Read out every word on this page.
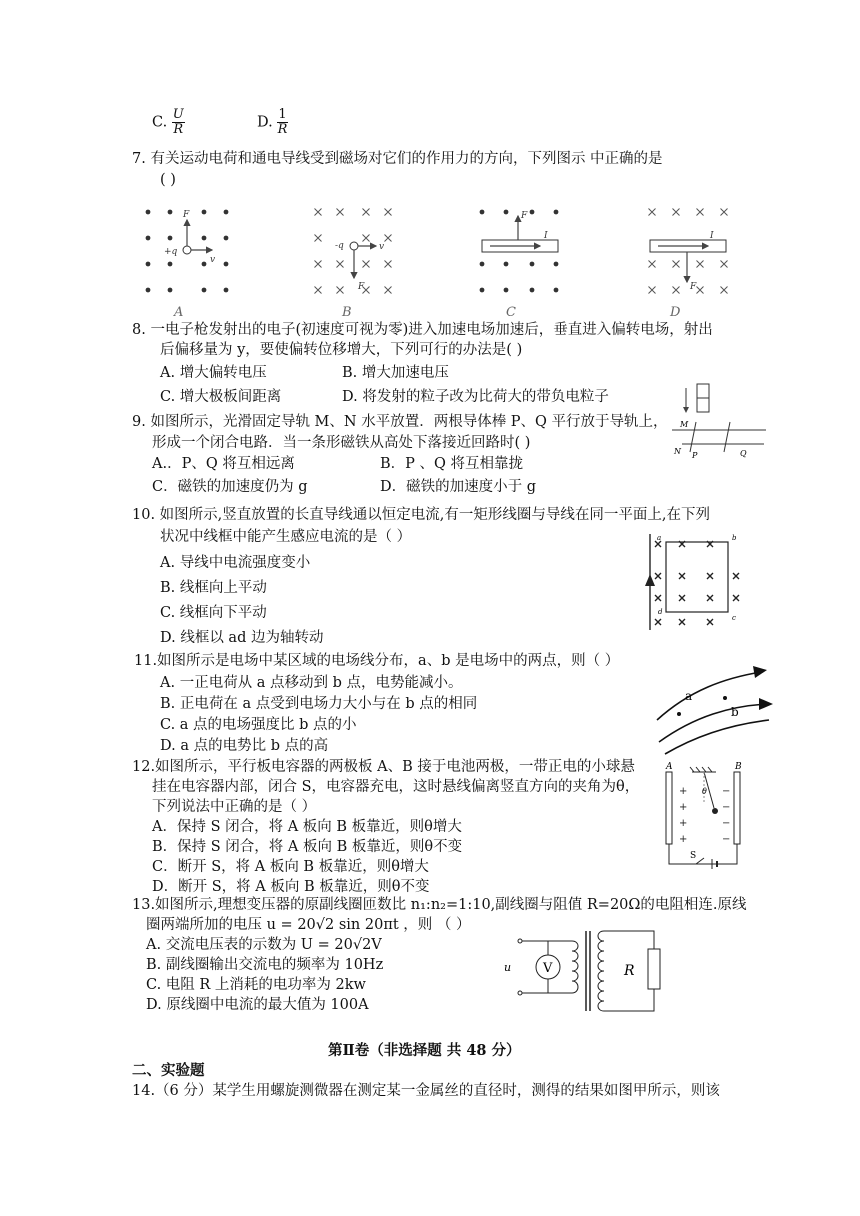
C. $\frac{U}{R}$	D. $\frac{1}{R}$
7. 有关运动电荷和通电导线受到磁场对它们的作用力的方向，下列图示 中正确的是
( )
F
+q
v
-q	v
F
F
I	I
F
A	B	C	D
8. 一电子枪发射出的电子(初速度可视为零)进入加速电场加速后，垂直进入偏转电场，射出
后偏移量为 y，要使偏转位移增大，下列可行的办法是( )
A. 增大偏转电压	B. 增大加速电压
C. 增大极板间距离	D. 将发射的粒子改为比荷大的带负电粒子
9. 如图所示，光滑固定导轨 M、N 水平放置．两根导体棒 P、Q 平行放于导轨上，
形成一个闭合电路．当一条形磁铁从高处下落接近回路时( )
A.．P、Q 将互相远离	B．P 、Q 将互相靠拢
C．磁铁的加速度仍为 g	D．磁铁的加速度小于 g
M
N P	Q
10. 如图所示,竖直放置的长直导线通以恒定电流,有一矩形线圈与导线在同一平面上,在下列
状况中线框中能产生感应电流的是（ ）
A. 导线中电流强度变小
B. 线框向上平动
C. 线框向下平动
D. 线框以 ad 边为轴转动
a	b
c
d
11.如图所示是电场中某区域的电场线分布，a、b 是电场中的两点，则（ ）
A. 一正电荷从 a 点移动到 b 点，电势能减小。
B. 正电荷在 a 点受到电场力大小与在 b 点的相同
C. a 点的电场强度比 b 点的小
D. a 点的电势比 b 点的高
a
b
12.如图所示，平行板电容器的两极板 A、B 接于电池两极，一带正电的小球悬
挂在电容器内部，闭合 S，电容器充电，这时悬线偏离竖直方向的夹角为θ，
下列说法中正确的是（ ）
A．保持 S 闭合，将 A 板向 B 板靠近，则θ增大
B．保持 S 闭合，将 A 板向 B 板靠近，则θ不变
C．断开 S，将 A 板向 B 板靠近，则θ增大
D．断开 S，将 A 板向 B 板靠近，则θ不变
+
+
+
+
−
−
−
−
A	B
θ
S
13.如图所示,理想变压器的原副线圈匝数比 n₁:n₂=1:10,副线圈与阻值 R=20Ω的电阻相连.原线
圈两端所加的电压 u = 20√2 sin 20πt ，则 （ ）
A. 交流电压表的示数为 U = 20√2V
B. 副线圈输出交流电的频率为 10Hz
C. 电阻 R 上消耗的电功率为 2kw
D. 原线圈中电流的最大值为 100A
V
u	R
第Ⅱ卷（非选择题 共 48 分）
二、实验题
14.（6 分）某学生用螺旋测微器在测定某一金属丝的直径时，测得的结果如图甲所示，则该
